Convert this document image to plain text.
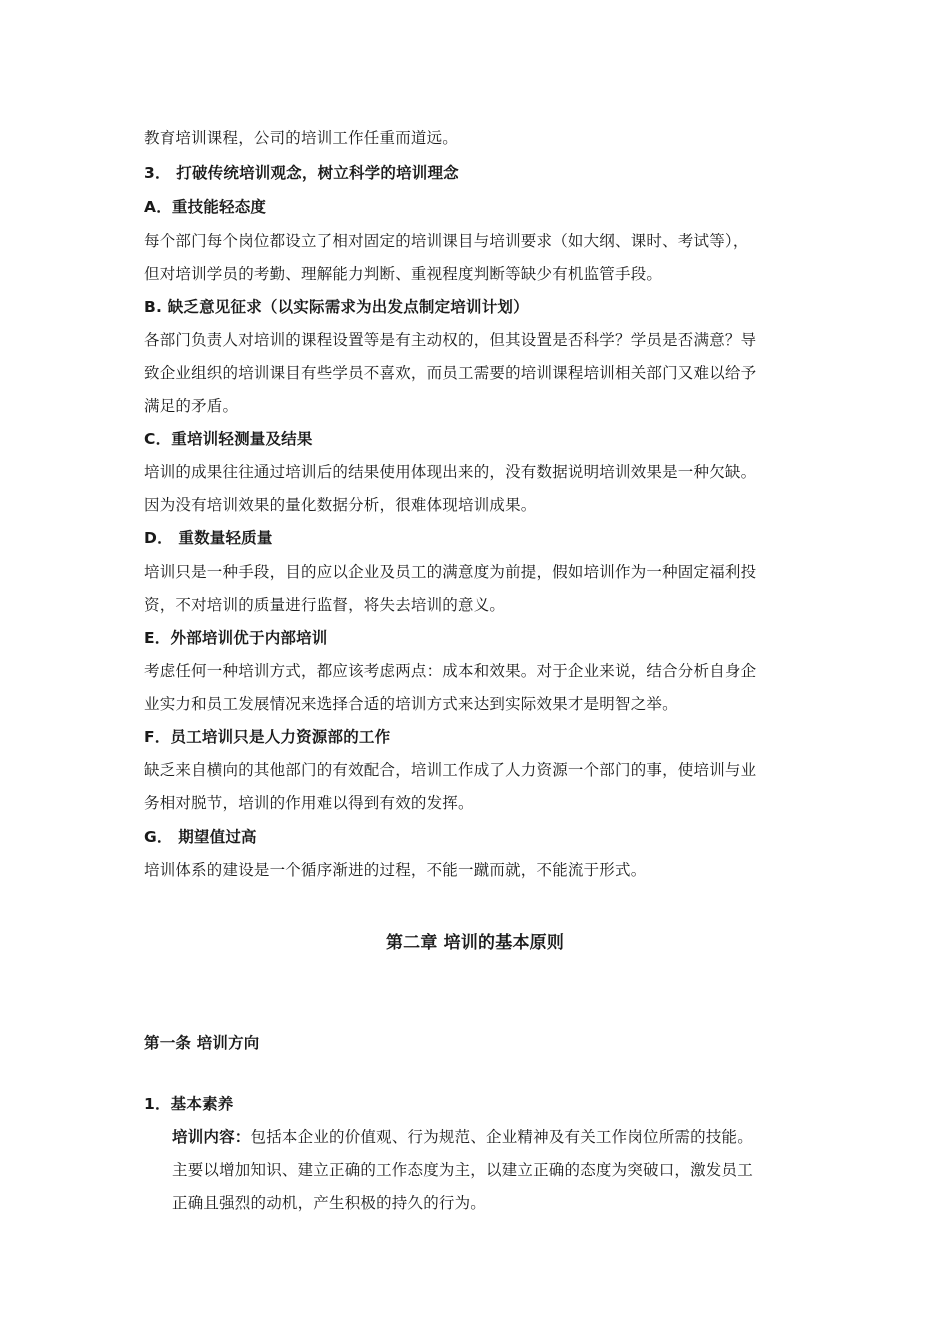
教育培训课程，公司的培训工作任重而道远。
3． 打破传统培训观念，树立科学的培训理念
A．重技能轻态度
每个部门每个岗位都设立了相对固定的培训课目与培训要求（如大纲、课时、考试等），
但对培训学员的考勤、理解能力判断、重视程度判断等缺少有机监管手段。
B. 缺乏意见征求（以实际需求为出发点制定培训计划）
各部门负责人对培训的课程设置等是有主动权的，但其设置是否科学？学员是否满意？导
致企业组织的培训课目有些学员不喜欢，而员工需要的培训课程培训相关部门又难以给予
满足的矛盾。
C．重培训轻测量及结果
培训的成果往往通过培训后的结果使用体现出来的，没有数据说明培训效果是一种欠缺。
因为没有培训效果的量化数据分析，很难体现培训成果。
D． 重数量轻质量
培训只是一种手段，目的应以企业及员工的满意度为前提，假如培训作为一种固定福利投
资，不对培训的质量进行监督，将失去培训的意义。
E．外部培训优于内部培训
考虑任何一种培训方式，都应该考虑两点：成本和效果。对于企业来说，结合分析自身企
业实力和员工发展情况来选择合适的培训方式来达到实际效果才是明智之举。
F．员工培训只是人力资源部的工作
缺乏来自横向的其他部门的有效配合，培训工作成了人力资源一个部门的事，使培训与业
务相对脱节，培训的作用难以得到有效的发挥。
G． 期望值过高
培训体系的建设是一个循序渐进的过程，不能一蹴而就，不能流于形式。
第二章 培训的基本原则
第一条 培训方向
1．基本素养
培训内容：包括本企业的价值观、行为规范、企业精神及有关工作岗位所需的技能。
主要以增加知识、建立正确的工作态度为主，以建立正确的态度为突破口，激发员工
正确且强烈的动机，产生积极的持久的行为。
